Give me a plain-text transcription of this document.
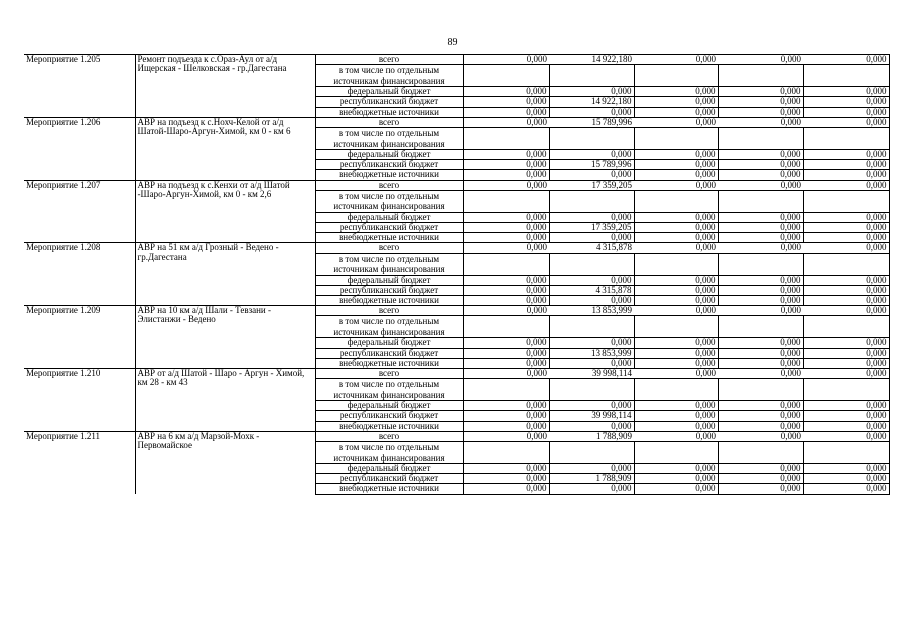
89
Мероприятие 1.205	Ремонт подъезда к с.Ораз-Аул от а/д Ищерская - Шелковская - гр.Дагестана	всего	0,000	14 922,180	0,000	0,000	0,000
		в том числе по отдельным источникам финансирования					
		федеральный бюджет	0,000	0,000	0,000	0,000	0,000
		республиканский бюджет	0,000	14 922,180	0,000	0,000	0,000
		внебюджетные источники	0,000	0,000	0,000	0,000	0,000
Мероприятие 1.206	АВР на подъезд к с.Нохч-Келой от а/д Шатой-Шаро-Аргун-Химой, км 0 - км 6	всего	0,000	15 789,996	0,000	0,000	0,000
		в том числе по отдельным источникам финансирования					
		федеральный бюджет	0,000	0,000	0,000	0,000	0,000
		республиканский бюджет	0,000	15 789,996	0,000	0,000	0,000
		внебюджетные источники	0,000	0,000	0,000	0,000	0,000
Мероприятие 1.207	АВР на подъезд к с.Кенхи от а/д Шатой -Шаро-Аргун-Химой, км 0 - км 2,6	всего	0,000	17 359,205	0,000	0,000	0,000
		в том числе по отдельным источникам финансирования					
		федеральный бюджет	0,000	0,000	0,000	0,000	0,000
		республиканский бюджет	0,000	17 359,205	0,000	0,000	0,000
		внебюджетные источники	0,000	0,000	0,000	0,000	0,000
Мероприятие 1.208	АВР на 51 км а/д Грозный - Ведено - гр.Дагестана	всего	0,000	4 315,878	0,000	0,000	0,000
		в том числе по отдельным источникам финансирования					
		федеральный бюджет	0,000	0,000	0,000	0,000	0,000
		республиканский бюджет	0,000	4 315,878	0,000	0,000	0,000
		внебюджетные источники	0,000	0,000	0,000	0,000	0,000
Мероприятие 1.209	АВР на 10 км а/д Шали - Тевзани - Элистанжи - Ведено	всего	0,000	13 853,999	0,000	0,000	0,000
		в том числе по отдельным источникам финансирования					
		федеральный бюджет	0,000	0,000	0,000	0,000	0,000
		республиканский бюджет	0,000	13 853,999	0,000	0,000	0,000
		внебюджетные источники	0,000	0,000	0,000	0,000	0,000
Мероприятие 1.210	АВР от а/д Шатой - Шаро - Аргун - Химой, км 28 - км 43	всего	0,000	39 998,114	0,000	0,000	0,000
		в том числе по отдельным источникам финансирования					
		федеральный бюджет	0,000	0,000	0,000	0,000	0,000
		республиканский бюджет	0,000	39 998,114	0,000	0,000	0,000
		внебюджетные источники	0,000	0,000	0,000	0,000	0,000
Мероприятие 1.211	АВР на 6 км а/д Марзой-Мохк - Первомайское	всего	0,000	1 788,909	0,000	0,000	0,000
		в том числе по отдельным источникам финансирования					
		федеральный бюджет	0,000	0,000	0,000	0,000	0,000
		республиканский бюджет	0,000	1 788,909	0,000	0,000	0,000
		внебюджетные источники	0,000	0,000	0,000	0,000	0,000
